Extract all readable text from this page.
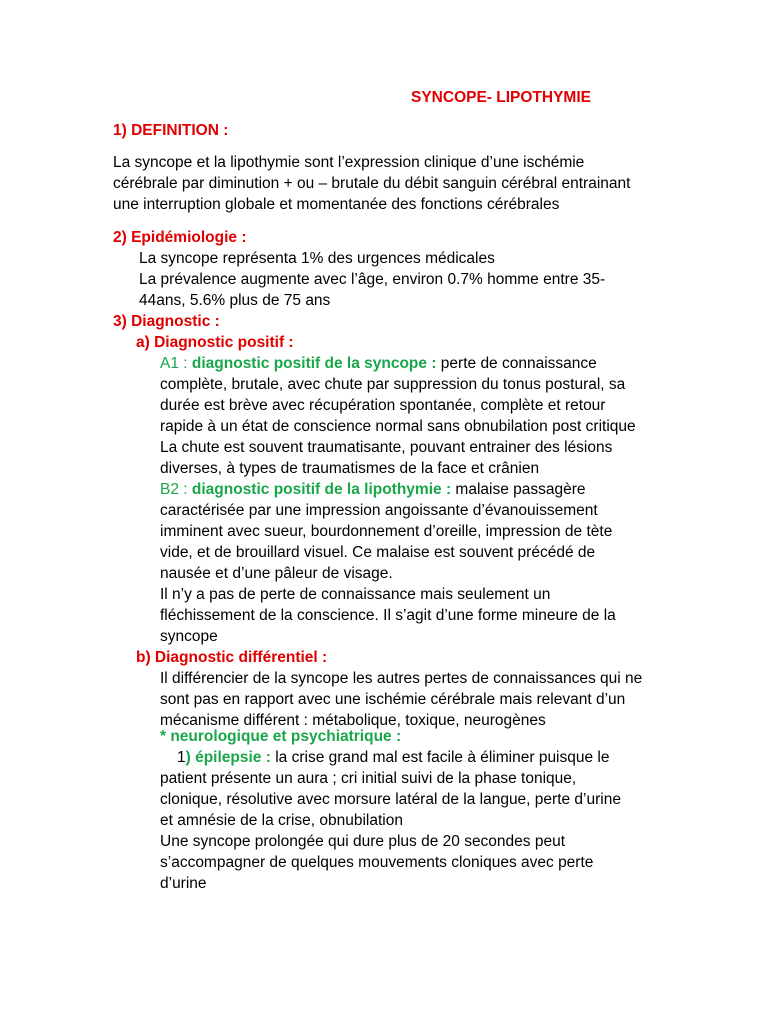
SYNCOPE- LIPOTHYMIE
1) DEFINITION :
La syncope et la lipothymie sont l’expression clinique d’une ischémie
cérébrale par diminution + ou – brutale du débit sanguin cérébral entrainant
une interruption globale et momentanée des fonctions cérébrales
2) Epidémiologie :
La syncope représenta 1% des urgences médicales
La prévalence augmente avec l’âge, environ 0.7% homme entre 35-
44ans, 5.6% plus de 75 ans
3) Diagnostic :
a) Diagnostic positif :
A1 : diagnostic positif de la syncope : perte de connaissance
complète, brutale, avec chute par suppression du tonus postural, sa
durée est brève avec récupération spontanée, complète et retour
rapide à un état de conscience normal sans obnubilation post critique
La chute est souvent traumatisante, pouvant entrainer des lésions
diverses, à types de traumatismes de la face et crânien
B2 : diagnostic positif de la lipothymie : malaise passagère
caractérisée par une impression angoissante d’évanouissement
imminent avec sueur, bourdonnement d’oreille, impression de tète
vide, et de brouillard visuel. Ce malaise est souvent précédé de
nausée et d’une pâleur de visage.
Il n’y a pas de perte de connaissance mais seulement un
fléchissement de la conscience. Il s’agit d’une forme mineure de la
syncope
b) Diagnostic différentiel :
Il différencier de la syncope les autres pertes de connaissances qui ne
sont pas en rapport avec une ischémie cérébrale mais relevant d’un
mécanisme différent : métabolique, toxique, neurogènes
* neurologique et psychiatrique :
1) épilepsie : la crise grand mal est facile à éliminer puisque le
patient présente un aura ; cri initial suivi de la phase tonique,
clonique, résolutive avec morsure latéral de la langue, perte d’urine
et amnésie de la crise, obnubilation
Une syncope prolongée qui dure plus de 20 secondes peut
s’accompagner de quelques mouvements cloniques avec perte
d’urine
